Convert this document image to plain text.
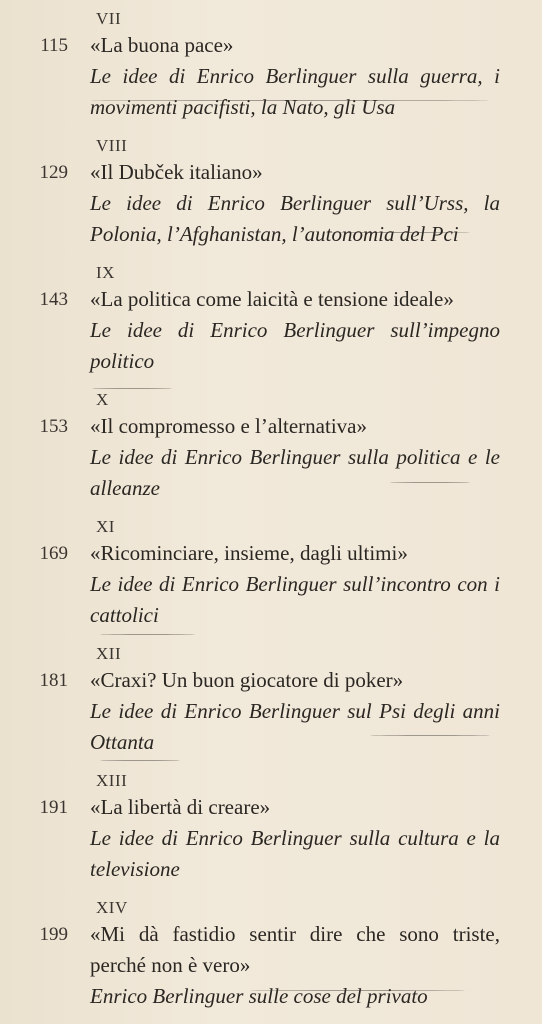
VII
115	«La buona pace»
Le idee di Enrico Berlinguer sulla guerra, i movimenti pacifisti, la Nato, gli Usa
VIII
129	«Il Dubček italiano»
Le idee di Enrico Berlinguer sull’Urss, la Polonia, l’Afghanistan, l’autonomia del Pci
IX
143	«La politica come laicità e tensione ideale»
Le idee di Enrico Berlinguer sull’impegno politico
X
153	«Il compromesso e l’alternativa»
Le idee di Enrico Berlinguer sulla politica e le alleanze
XI
169	«Ricominciare, insieme, dagli ultimi»
Le idee di Enrico Berlinguer sull’incontro con i cattolici
XII
181	«Craxi? Un buon giocatore di poker»
Le idee di Enrico Berlinguer sul Psi degli anni Ottanta
XIII
191	«La libertà di creare»
Le idee di Enrico Berlinguer sulla cultura e la televisione
XIV
199	«Mi dà fastidio sentir dire che sono triste, perché non è vero»
Enrico Berlinguer sulle cose del privato
